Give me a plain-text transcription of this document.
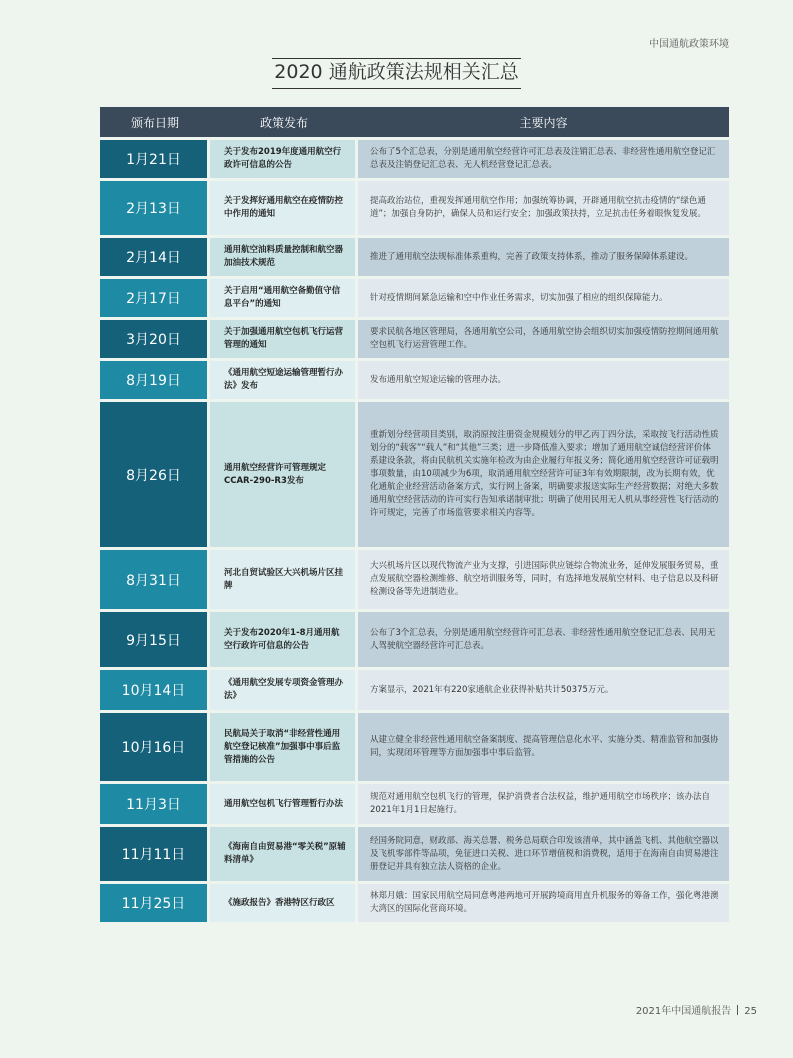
中国通航政策环境
2020 通航政策法规相关汇总
颁布日期	政策发布	主要内容
1月21日	关于发布2019年度通用航空行政许可信息的公告	公布了5个汇总表，分别是通用航空经营许可汇总表及注销汇总表、非经营性通用航空登记汇总表及注销登记汇总表、无人机经营登记汇总表。
2月13日	关于发挥好通用航空在疫情防控中作用的通知	提高政治站位，重视发挥通用航空作用；加强统筹协调，开辟通用航空抗击疫情的“绿色通道”；加强自身防护，确保人员和运行安全；加强政策扶持，立足抗击任务着眼恢复发展。
2月14日	通用航空油料质量控制和航空器加油技术规范	推进了通用航空法规标准体系重构，完善了政策支持体系，推动了服务保障体系建设。
2月17日	关于启用“通用航空备勤值守信息平台”的通知	针对疫情期间紧急运输和空中作业任务需求，切实加强了相应的组织保障能力。
3月20日	关于加强通用航空包机飞行运营管理的通知	要求民航各地区管理局，各通用航空公司，各通用航空协会组织切实加强疫情防控期间通用航空包机飞行运营管理工作。
8月19日	《通用航空短途运输管理暂行办法》发布	发布通用航空短途运输的管理办法。
8月26日	通用航空经营许可管理规定CCAR-290-R3发布	重新划分经营项目类别，取消原按注册资金规模划分的甲乙丙丁四分法，采取按飞行活动性质划分的“载客”“载人”和“其他”三类；进一步降低准入要求；增加了通用航空诚信经营评价体系建设条款，将由民航机关实施年检改为由企业履行年报义务；简化通用航空经营许可证载明事项数量，由10项减少为6项，取消通用航空经营许可证3年有效期限制，改为长期有效，优化通航企业经营活动备案方式，实行网上备案，明确要求报送实际生产经营数据；对绝大多数通用航空经营活动的许可实行告知承诺制审批；明确了使用民用无人机从事经营性飞行活动的许可规定，完善了市场监管要求相关内容等。
8月31日	河北自贸试验区大兴机场片区挂牌	大兴机场片区以现代物流产业为支撑，引进国际供应链综合物流业务，延伸发展服务贸易，重点发展航空器检测维修、航空培训服务等，同时，有选择地发展航空材料、电子信息以及科研检测设备等先进制造业。
9月15日	关于发布2020年1-8月通用航空行政许可信息的公告	公布了3个汇总表，分别是通用航空经营许可汇总表、非经营性通用航空登记汇总表、民用无人驾驶航空器经营许可汇总表。
10月14日	《通用航空发展专项资金管理办法》	方案显示，2021年有220家通航企业获得补贴共计50375万元。
10月16日	民航局关于取消“非经营性通用航空登记核准”加强事中事后监管措施的公告	从建立健全非经营性通用航空备案制度、提高管理信息化水平、实施分类、精准监管和加强协同，实现闭环管理等方面加强事中事后监管。
11月3日	通用航空包机飞行管理暂行办法	规范对通用航空包机飞行的管理，保护消费者合法权益，维护通用航空市场秩序；该办法自2021年1月1日起施行。
11月11日	《海南自由贸易港“零关税”原辅料清单》	经国务院同意，财政部、海关总署、税务总局联合印发该清单，其中涵盖飞机、其他航空器以及飞机零部件等品项，免征进口关税、进口环节增值税和消费税，适用于在海南自由贸易港注册登记并具有独立法人资格的企业。
11月25日	《施政报告》香港特区行政区	林郑月娥：国家民用航空局同意粤港两地可开展跨境商用直升机服务的筹备工作，强化粤港澳大湾区的国际化营商环境。
2021年中国通航报告 25
